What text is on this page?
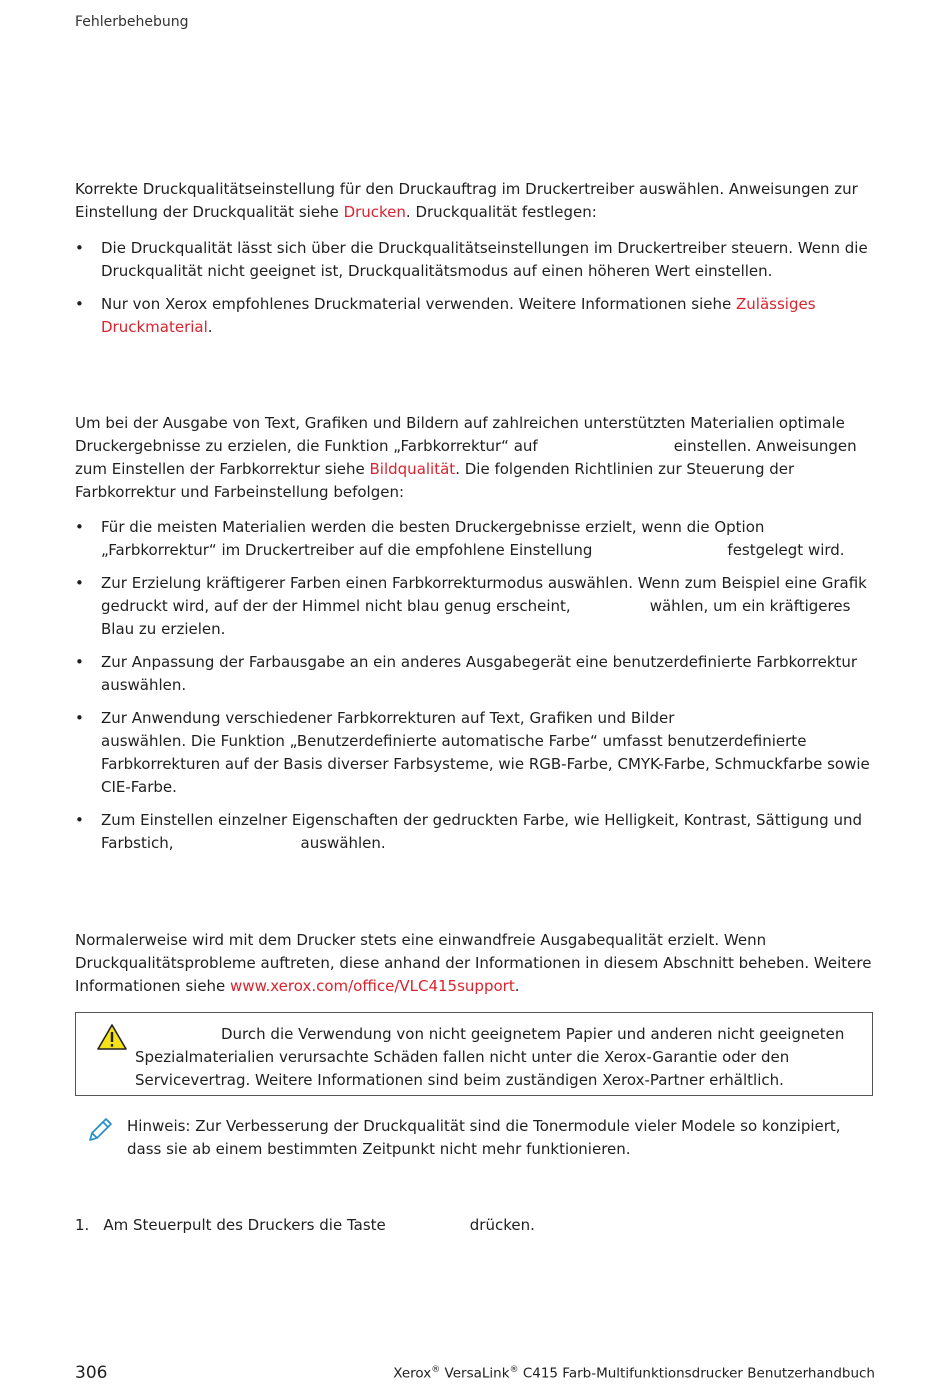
Fehlerbehebung
Korrekte Druckqualitätseinstellung für den Druckauftrag im Druckertreiber auswählen. Anweisungen zur Einstellung der Druckqualität siehe Drucken. Druckqualität festlegen:
• Die Druckqualität lässt sich über die Druckqualitätseinstellungen im Druckertreiber steuern. Wenn die Druckqualität nicht geeignet ist, Druckqualitätsmodus auf einen höheren Wert einstellen.
• Nur von Xerox empfohlenes Druckmaterial verwenden. Weitere Informationen siehe Zulässiges Druckmaterial.
Um bei der Ausgabe von Text, Grafiken und Bildern auf zahlreichen unterstützten Materialien optimale Druckergebnisse zu erzielen, die Funktion „Farbkorrektur“ auf	einstellen. Anweisungen zum Einstellen der Farbkorrektur siehe Bildqualität. Die folgenden Richtlinien zur Steuerung der Farbkorrektur und Farbeinstellung befolgen:
• Für die meisten Materialien werden die besten Druckergebnisse erzielt, wenn die Option „Farbkorrektur“ im Druckertreiber auf die empfohlene Einstellung	festgelegt wird.
• Zur Erzielung kräftigerer Farben einen Farbkorrekturmodus auswählen. Wenn zum Beispiel eine Grafik gedruckt wird, auf der der Himmel nicht blau genug erscheint,	wählen, um ein kräftigeres Blau zu erzielen.
• Zur Anpassung der Farbausgabe an ein anderes Ausgabegerät eine benutzerdefinierte Farbkorrektur auswählen.
• Zur Anwendung verschiedener Farbkorrekturen auf Text, Grafiken und Bilderauswählen. Die Funktion „Benutzerdefinierte automatische Farbe“ umfasst benutzerdefinierte Farbkorrekturen auf der Basis diverser Farbsysteme, wie RGB-Farbe, CMYK-Farbe, Schmuckfarbe sowie CIE-Farbe.
• Zum Einstellen einzelner Eigenschaften der gedruckten Farbe, wie Helligkeit, Kontrast, Sättigung und Farbstich,	auswählen.
Normalerweise wird mit dem Drucker stets eine einwandfreie Ausgabequalität erzielt. Wenn Druckqualitätsprobleme auftreten, diese anhand der Informationen in diesem Abschnitt beheben. Weitere Informationen siehe www.xerox.com/office/VLC415support.
Durch die Verwendung von nicht geeignetem Papier und anderen nicht geeigneten Spezialmaterialien verursachte Schäden fallen nicht unter die Xerox-Garantie oder den Servicevertrag. Weitere Informationen sind beim zuständigen Xerox-Partner erhältlich.
Hinweis: Zur Verbesserung der Druckqualität sind die Tonermodule vieler Modele so konzipiert, dass sie ab einem bestimmten Zeitpunkt nicht mehr funktionieren.
1. Am Steuerpult des Druckers die Taste	drücken.
306	Xerox® VersaLink® C415 Farb-Multifunktionsdrucker Benutzerhandbuch
